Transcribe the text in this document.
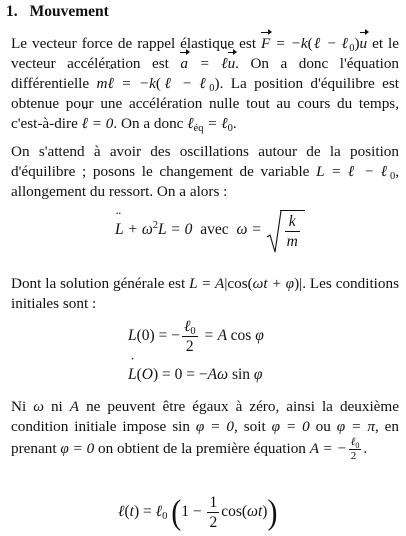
1. Mouvement

Le vecteur force de rappel élastique est F = −k(ℓ − ℓ$_0$)u et le vecteur accélération est a = ¨ ℓu. On a donc l'équation différentielle m¨ ℓ = −k(ℓ − ℓ$_0$). La position d'équilibre est obtenue pour une accélération nulle tout au cours du temps, c'est-à-dire ¨ ℓ = 0. On a donc ℓ$_{éq}$ = ℓ$_0$.

On s'attend à avoir des oscillations autour de la position d'équilibre ; posons le changement de variable L = ℓ − ℓ$_0$, allongement du ressort. On a alors :

¨ $L + \omega^2L = 0$ avec $\omega = \frac{k}{m}$

Dont la solution générale est L = A|cos(ωt + φ)|. Les conditions initiales sont :

L(0) = − $\frac{\ell_0}{2} = A$ cos φ
˙ L(O) = 0 = −Aω sin φ

Ni ω ni A ne peuvent être égaux à zéro, ainsi la deuxième condition initiale impose sin φ = 0, soit φ = 0 ou φ = π, en prenant φ = 0 on obtient de la première équation A = − $\frac{\ell_0}{2}$ .

ℓ(t) = ℓ$_0$ $(1 - \frac{1}{2} \cos(\omega t))$
